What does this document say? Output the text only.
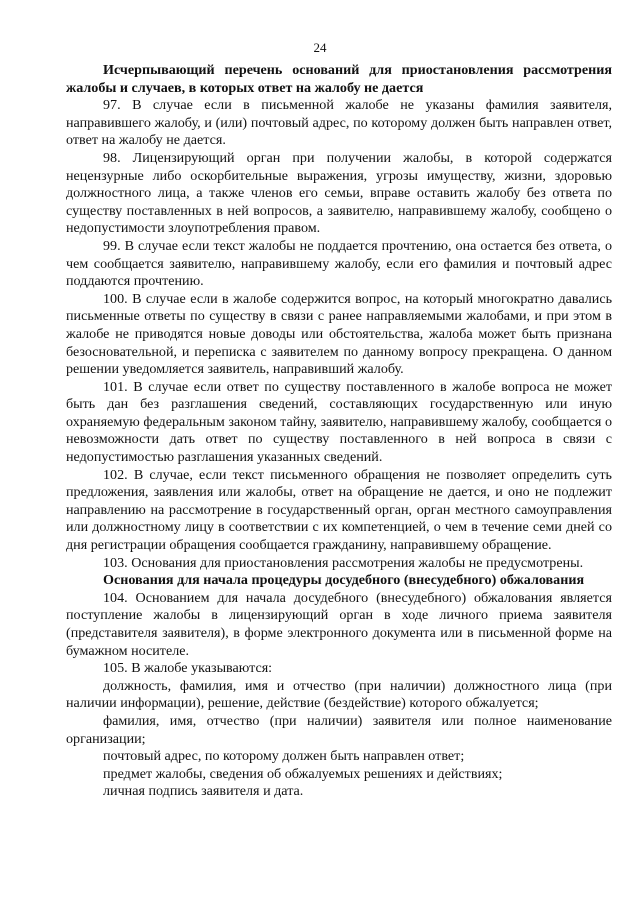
24

Исчерпывающий перечень оснований для приостановления рассмотрения жалобы и случаев, в которых ответ на жалобу не дается

97. В случае если в письменной жалобе не указаны фамилия заявителя, направившего жалобу, и (или) почтовый адрес, по которому должен быть направлен ответ, ответ на жалобу не дается.

98. Лицензирующий орган при получении жалобы, в которой содержатся нецензурные либо оскорбительные выражения, угрозы имуществу, жизни, здоровью должностного лица, а также членов его семьи, вправе оставить жалобу без ответа по существу поставленных в ней вопросов, а заявителю, направившему жалобу, сообщено о недопустимости злоупотребления правом.

99. В случае если текст жалобы не поддается прочтению, она остается без ответа, о чем сообщается заявителю, направившему жалобу, если его фамилия и почтовый адрес поддаются прочтению.

100. В случае если в жалобе содержится вопрос, на который многократно давались письменные ответы по существу в связи с ранее направляемыми жалобами, и при этом в жалобе не приводятся новые доводы или обстоятельства, жалоба может быть признана безосновательной, и переписка с заявителем по данному вопросу прекращена. О данном решении уведомляется заявитель, направивший жалобу.

101. В случае если ответ по существу поставленного в жалобе вопроса не может быть дан без разглашения сведений, составляющих государственную или иную охраняемую федеральным законом тайну, заявителю, направившему жалобу, сообщается о невозможности дать ответ по существу поставленного в ней вопроса в связи с недопустимостью разглашения указанных сведений.

102. В случае, если текст письменного обращения не позволяет определить суть предложения, заявления или жалобы, ответ на обращение не дается, и оно не подлежит направлению на рассмотрение в государственный орган, орган местного самоуправления или должностному лицу в соответствии с их компетенцией, о чем в течение семи дней со дня регистрации обращения сообщается гражданину, направившему обращение.

103. Основания для приостановления рассмотрения жалобы не предусмотрены.

Основания для начала процедуры досудебного (внесудебного) обжалования

104. Основанием для начала досудебного (внесудебного) обжалования является поступление жалобы в лицензирующий орган в ходе личного приема заявителя (представителя заявителя), в форме электронного документа или в письменной форме на бумажном носителе.

105. В жалобе указываются:

должность, фамилия, имя и отчество (при наличии) должностного лица (при наличии информации), решение, действие (бездействие) которого обжалуется;

фамилия, имя, отчество (при наличии) заявителя или полное наименование организации;

почтовый адрес, по которому должен быть направлен ответ;

предмет жалобы, сведения об обжалуемых решениях и действиях;

личная подпись заявителя и дата.
